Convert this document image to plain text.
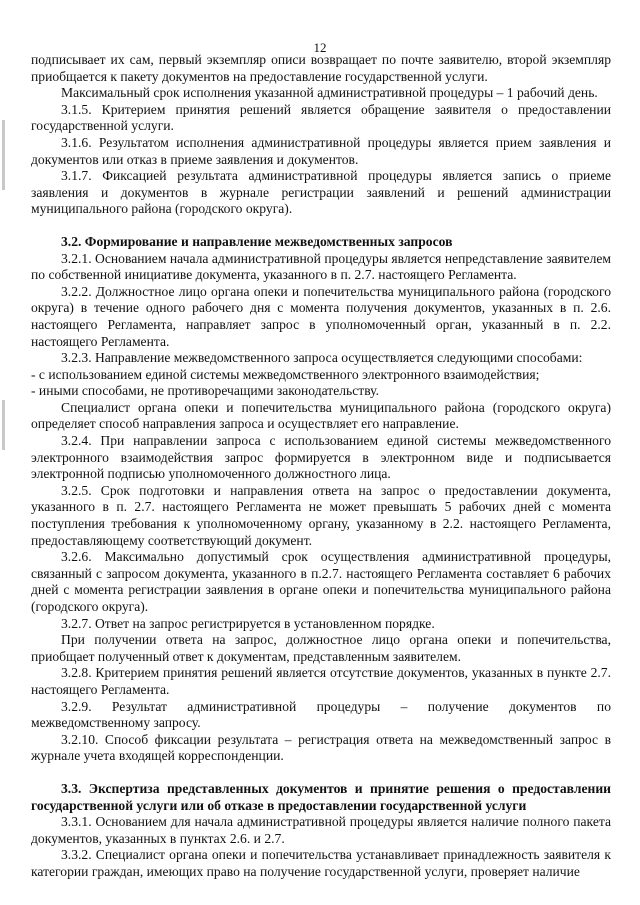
12

подписывает их сам, первый экземпляр описи возвращает по почте заявителю, второй экземпляр приобщается к пакету документов на предоставление государственной услуги.

Максимальный срок исполнения указанной административной процедуры – 1 рабочий день.

3.1.5. Критерием принятия решений является обращение заявителя о предоставлении государственной услуги.

3.1.6. Результатом исполнения административной процедуры является прием заявления и документов или отказ в приеме заявления и документов.

3.1.7. Фиксацией результата административной процедуры является запись о приеме заявления и документов в журнале регистрации заявлений и решений администрации муниципального района (городского округа).

3.2. Формирование и направление межведомственных запросов

3.2.1. Основанием начала административной процедуры является непредставление заявителем по собственной инициативе документа, указанного в п. 2.7. настоящего Регламента.

3.2.2. Должностное лицо органа опеки и попечительства муниципального района (городского округа) в течение одного рабочего дня с момента получения документов, указанных в п. 2.6. настоящего Регламента, направляет запрос в уполномоченный орган, указанный в п. 2.2. настоящего Регламента.

3.2.3. Направление межведомственного запроса осуществляется следующими способами:

- с использованием единой системы межведомственного электронного взаимодействия;

- иными способами, не противоречащими законодательству.

Специалист органа опеки и попечительства муниципального района (городского округа) определяет способ направления запроса и осуществляет его направление.

3.2.4. При направлении запроса с использованием единой системы межведомственного электронного взаимодействия запрос формируется в электронном виде и подписывается электронной подписью уполномоченного должностного лица.

3.2.5. Срок подготовки и направления ответа на запрос о предоставлении документа, указанного в п. 2.7. настоящего Регламента не может превышать 5 рабочих дней с момента поступления требования к уполномоченному органу, указанному в 2.2. настоящего Регламента, предоставляющему соответствующий документ.

3.2.6. Максимально допустимый срок осуществления административной процедуры, связанный с запросом документа, указанного в п.2.7. настоящего Регламента составляет 6 рабочих дней с момента регистрации заявления в органе опеки и попечительства муниципального района (городского округа).

3.2.7. Ответ на запрос регистрируется в установленном порядке.

При получении ответа на запрос, должностное лицо органа опеки и попечительства, приобщает полученный ответ к документам, представленным заявителем.

3.2.8. Критерием принятия решений является отсутствие документов, указанных в пункте 2.7. настоящего Регламента.

3.2.9. Результат административной процедуры – получение документов по межведомственному запросу.

3.2.10. Способ фиксации результата – регистрация ответа на межведомственный запрос в журнале учета входящей корреспонденции.

3.3. Экспертиза представленных документов и принятие решения о предоставлении государственной услуги или об отказе в предоставлении государственной услуги

3.3.1. Основанием для начала административной процедуры является наличие полного пакета документов, указанных в пунктах 2.6. и 2.7.

3.3.2. Специалист органа опеки и попечительства устанавливает принадлежность заявителя к категории граждан, имеющих право на получение государственной услуги, проверяет наличие
